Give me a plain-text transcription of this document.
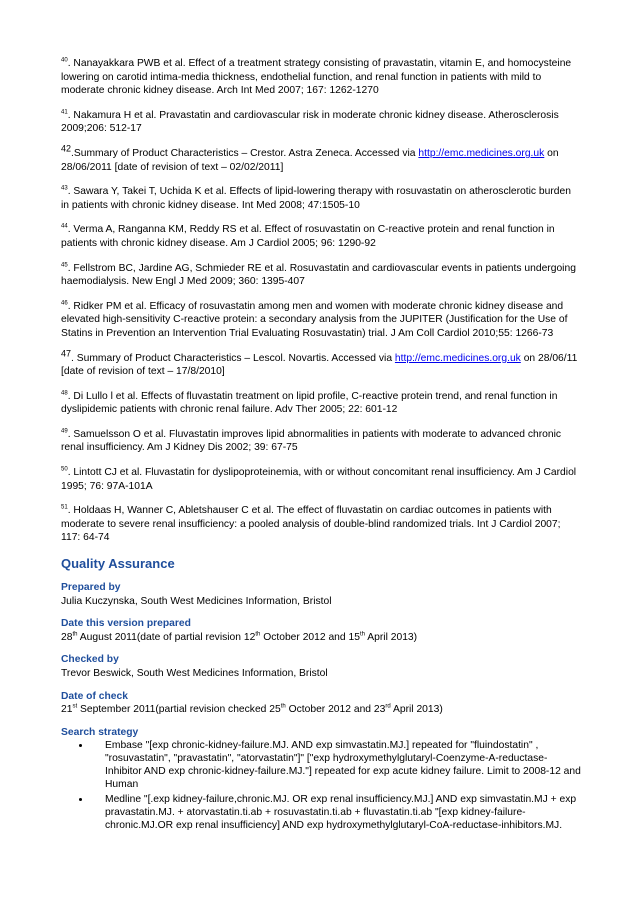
$^{40}$. Nanayakkara PWB et al. Effect of a treatment strategy consisting of pravastatin, vitamin E, and homocysteine lowering on carotid intima-media thickness, endothelial function, and renal function in patients with mild to moderate chronic kidney disease. Arch Int Med 2007; 167: 1262-1270

$^{41}$. Nakamura H et al. Pravastatin and cardiovascular risk in moderate chronic kidney disease. Atherosclerosis 2009;206: 512-17

42.Summary of Product Characteristics – Crestor. Astra Zeneca. Accessed via http://emc.medicines.org.uk on 28/06/2011 [date of revision of text – 02/02/2011]

$^{43}$. Sawara Y, Takei T, Uchida K et al. Effects of lipid-lowering therapy with rosuvastatin on atherosclerotic burden in patients with chronic kidney disease. Int Med 2008; 47:1505-10

$^{44}$. Verma A, Ranganna KM, Reddy RS et al. Effect of rosuvastatin on C-reactive protein and renal function in patients with chronic kidney disease. Am J Cardiol 2005; 96: 1290-92

$^{45}$. Fellstrom BC, Jardine AG, Schmieder RE et al. Rosuvastatin and cardiovascular events in patients undergoing haemodialysis. New Engl J Med 2009; 360: 1395-407

$^{46}$. Ridker PM et al. Efficacy of rosuvastatin among men and women with moderate chronic kidney disease and elevated high-sensitivity C-reactive protein: a secondary analysis from the JUPITER (Justification for the Use of Statins in Prevention an Intervention Trial Evaluating Rosuvastatin) trial. J Am Coll Cardiol 2010;55: 1266-73

47. Summary of Product Characteristics – Lescol. Novartis. Accessed via http://emc.medicines.org.uk on 28/06/11 [date of revision of text – 17/8/2010]

$^{48}$. Di Lullo l et al. Effects of fluvastatin treatment on lipid profile, C-reactive protein trend, and renal function in dyslipidemic patients with chronic renal failure. Adv Ther 2005; 22: 601-12

$^{49}$. Samuelsson O et al. Fluvastatin improves lipid abnormalities in patients with moderate to advanced chronic renal insufficiency. Am J Kidney Dis 2002; 39: 67-75

$^{50}$. Lintott CJ et al. Fluvastatin for dyslipoproteinemia, with or without concomitant renal insufficiency. Am J Cardiol 1995; 76: 97A-101A

$^{51}$. Holdaas H, Wanner C, Abletshauser C et al. The effect of fluvastatin on cardiac outcomes in patients with moderate to severe renal insufficiency: a pooled analysis of double-blind randomized trials. Int J Cardiol 2007; 117: 64-74

Quality Assurance
Prepared by
Julia Kuczynska, South West Medicines Information, Bristol
Date this version prepared
28th August 2011(date of partial revision 12th October 2012 and 15th April 2013)
Checked by
Trevor Beswick, South West Medicines Information, Bristol
Date of check
21st September 2011(partial revision checked 25th October 2012 and 23rd April 2013)
Search strategy
• Embase "[exp chronic-kidney-failure.MJ. AND exp simvastatin.MJ.] repeated for "fluindostatin" , "rosuvastatin", "pravastatin", "atorvastatin"]" ["exp hydroxymethylglutaryl-Coenzyme-A-reductase-Inhibitor AND exp chronic-kidney-failure.MJ."] repeated for exp acute kidney failure. Limit to 2008-12 and Human
• Medline "[.exp kidney-failure,chronic.MJ. OR exp renal insufficiency.MJ.] AND exp simvastatin.MJ + exp pravastatin.MJ. + atorvastatin.ti.ab + rosuvastatin.ti.ab + fluvastatin.ti.ab "[exp kidney-failure-chronic.MJ.OR exp renal insufficiency] AND exp hydroxymethylglutaryl-CoA-reductase-inhibitors.MJ.
